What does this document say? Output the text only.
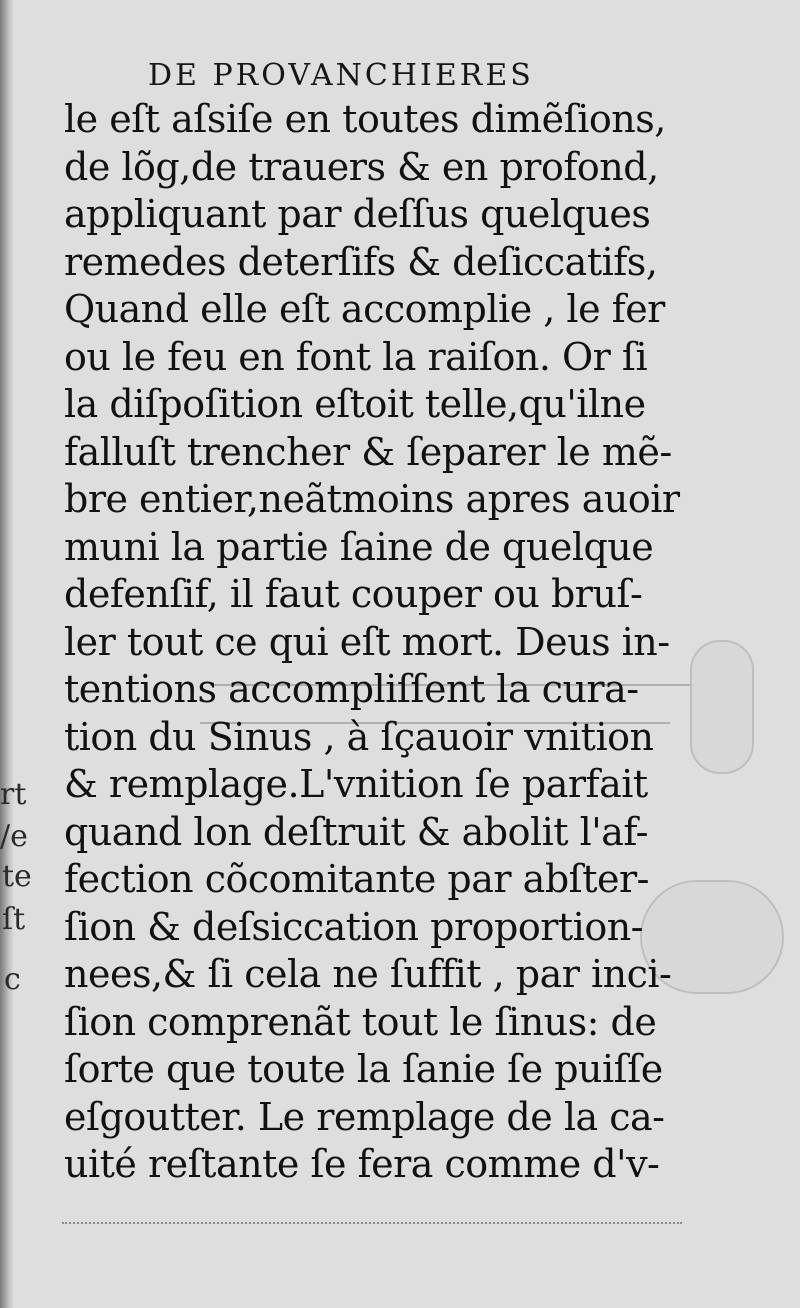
rt
/e
te
ſt
c
DE PROVANCHIERES
le eſt aſsiſe en toutes dimẽſions,
de lõg,de trauers & en profond,
appliquant par deſſus quelques
remedes deterſifs & deſiccatifs,
Quand elle eſt accomplie , le fer
ou le feu en font la raiſon. Or ſi
la diſpoſition eſtoit telle,qu'ilne
falluſt trencher & ſeparer le mẽ-
bre entier,neãtmoins apres auoir
muni la partie ſaine de quelque
defenſif, il faut couper ou bruſ-
ler tout ce qui eſt mort. Deus in-
tentions accompliſſent la cura-
tion du Sinus , à ſçauoir vnition
& remplage.L'vnition ſe parfait
quand lon deſtruit & abolit l'af-
fection cõcomitante par abſter-
ſion & deſsiccation proportion-
nees,& ſi cela ne ſuffit , par inci-
ſion comprenãt tout le ſinus: de
ſorte que toute la ſanie ſe puiſſe
eſgoutter. Le remplage de la ca-
uité reſtante ſe fera comme d'v-
